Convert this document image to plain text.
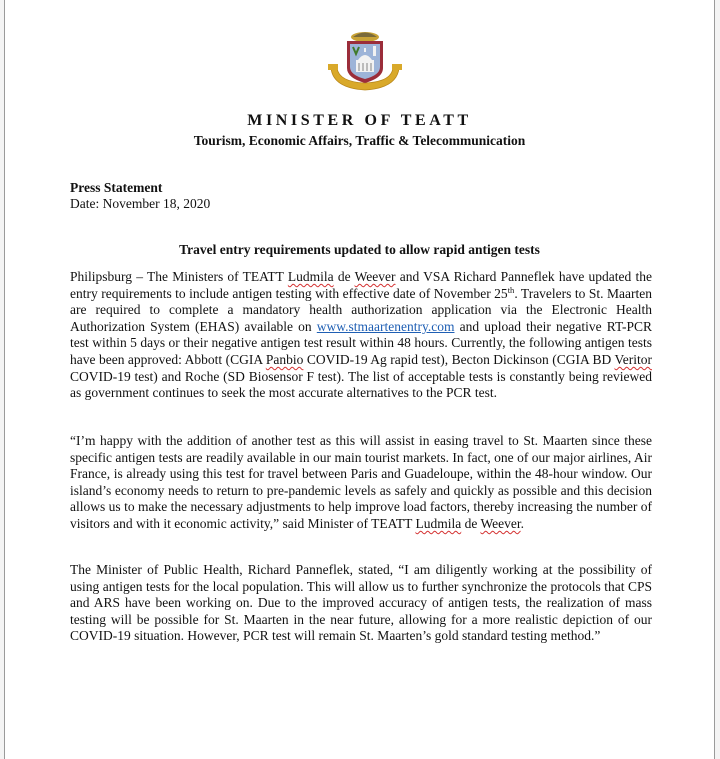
MINISTER OF TEATT
Tourism, Economic Affairs, Traffic & Telecommunication
Press Statement
Date: November 18, 2020
Travel entry requirements updated to allow rapid antigen tests
Philipsburg – The Ministers of TEATT Ludmila de Weever and VSA Richard Panneflek have updated the entry requirements to include antigen testing with effective date of November 25th. Travelers to St. Maarten are required to complete a mandatory health authorization application via the Electronic Health Authorization System (EHAS) available on www.stmaartenentry.com and upload their negative RT-PCR test within 5 days or their negative antigen test result within 48 hours. Currently, the following antigen tests have been approved: Abbott (CGIA Panbio COVID-19 Ag rapid test), Becton Dickinson (CGIA BD Veritor COVID-19 test) and Roche (SD Biosensor F test). The list of acceptable tests is constantly being reviewed as government continues to seek the most accurate alternatives to the PCR test.
“I’m happy with the addition of another test as this will assist in easing travel to St. Maarten since these specific antigen tests are readily available in our main tourist markets. In fact, one of our major airlines, Air France, is already using this test for travel between Paris and Guadeloupe, within the 48-hour window. Our island’s economy needs to return to pre-pandemic levels as safely and quickly as possible and this decision allows us to make the necessary adjustments to help improve load factors, thereby increasing the number of visitors and with it economic activity,” said Minister of TEATT Ludmila de Weever.
The Minister of Public Health, Richard Panneflek, stated, “I am diligently working at the possibility of using antigen tests for the local population. This will allow us to further synchronize the protocols that CPS and ARS have been working on. Due to the improved accuracy of antigen tests, the realization of mass testing will be possible for St. Maarten in the near future, allowing for a more realistic depiction of our COVID-19 situation. However, PCR test will remain St. Maarten’s gold standard testing method.”
